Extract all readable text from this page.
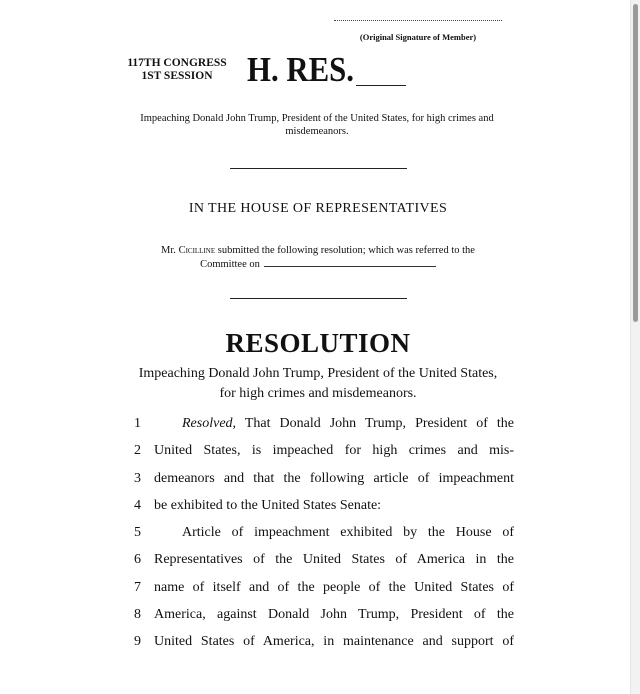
(Original Signature of Member)
117TH CONGRESS
1ST SESSION H. RES.
Impeaching Donald John Trump, President of the United States, for high crimes and misdemeanors.
IN THE HOUSE OF REPRESENTATIVES
Mr. Cicilline submitted the following resolution; which was referred to the
Committee on
RESOLUTION
Impeaching Donald John Trump, President of the United States, for high crimes and misdemeanors.
1	Resolved, That Donald John Trump, President of the
2 United States, is impeached for high crimes and mis-
3 demeanors and that the following article of impeachment
4 be exhibited to the United States Senate:
5	Article of impeachment exhibited by the House of
6 Representatives of the United States of America in the
7 name of itself and of the people of the United States of
8 America, against Donald John Trump, President of the
9 United States of America, in maintenance and support of
